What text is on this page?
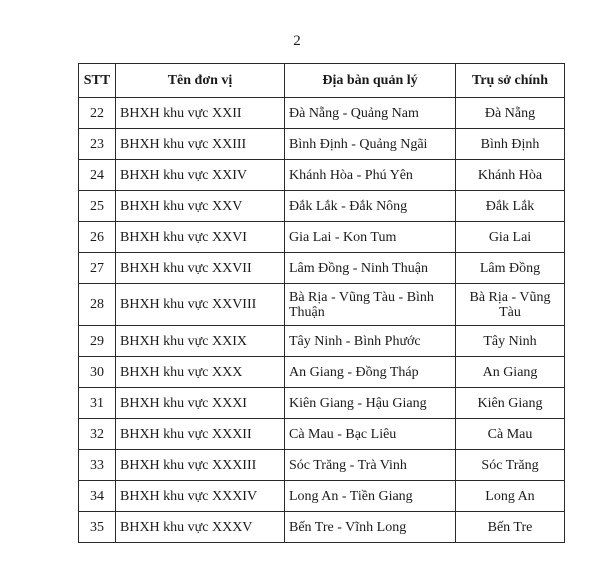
2
STT	Tên đơn vị	Địa bàn quản lý	Trụ sở chính
22	BHXH khu vực XXII	Đà Nẵng - Quảng Nam	Đà Nẵng
23	BHXH khu vực XXIII	Bình Định - Quảng Ngãi	Bình Định
24	BHXH khu vực XXIV	Khánh Hòa - Phú Yên	Khánh Hòa
25	BHXH khu vực XXV	Đắk Lắk - Đắk Nông	Đắk Lắk
26	BHXH khu vực XXVI	Gia Lai - Kon Tum	Gia Lai
27	BHXH khu vực XXVII	Lâm Đồng - Ninh Thuận	Lâm Đồng
28	BHXH khu vực XXVIII	Bà Rịa - Vũng Tàu - Bình Thuận	Bà Rịa - Vũng Tàu
29	BHXH khu vực XXIX	Tây Ninh - Bình Phước	Tây Ninh
30	BHXH khu vực XXX	An Giang - Đồng Tháp	An Giang
31	BHXH khu vực XXXI	Kiên Giang - Hậu Giang	Kiên Giang
32	BHXH khu vực XXXII	Cà Mau - Bạc Liêu	Cà Mau
33	BHXH khu vực XXXIII	Sóc Trăng - Trà Vinh	Sóc Trăng
34	BHXH khu vực XXXIV	Long An - Tiền Giang	Long An
35	BHXH khu vực XXXV	Bến Tre - Vĩnh Long	Bến Tre
